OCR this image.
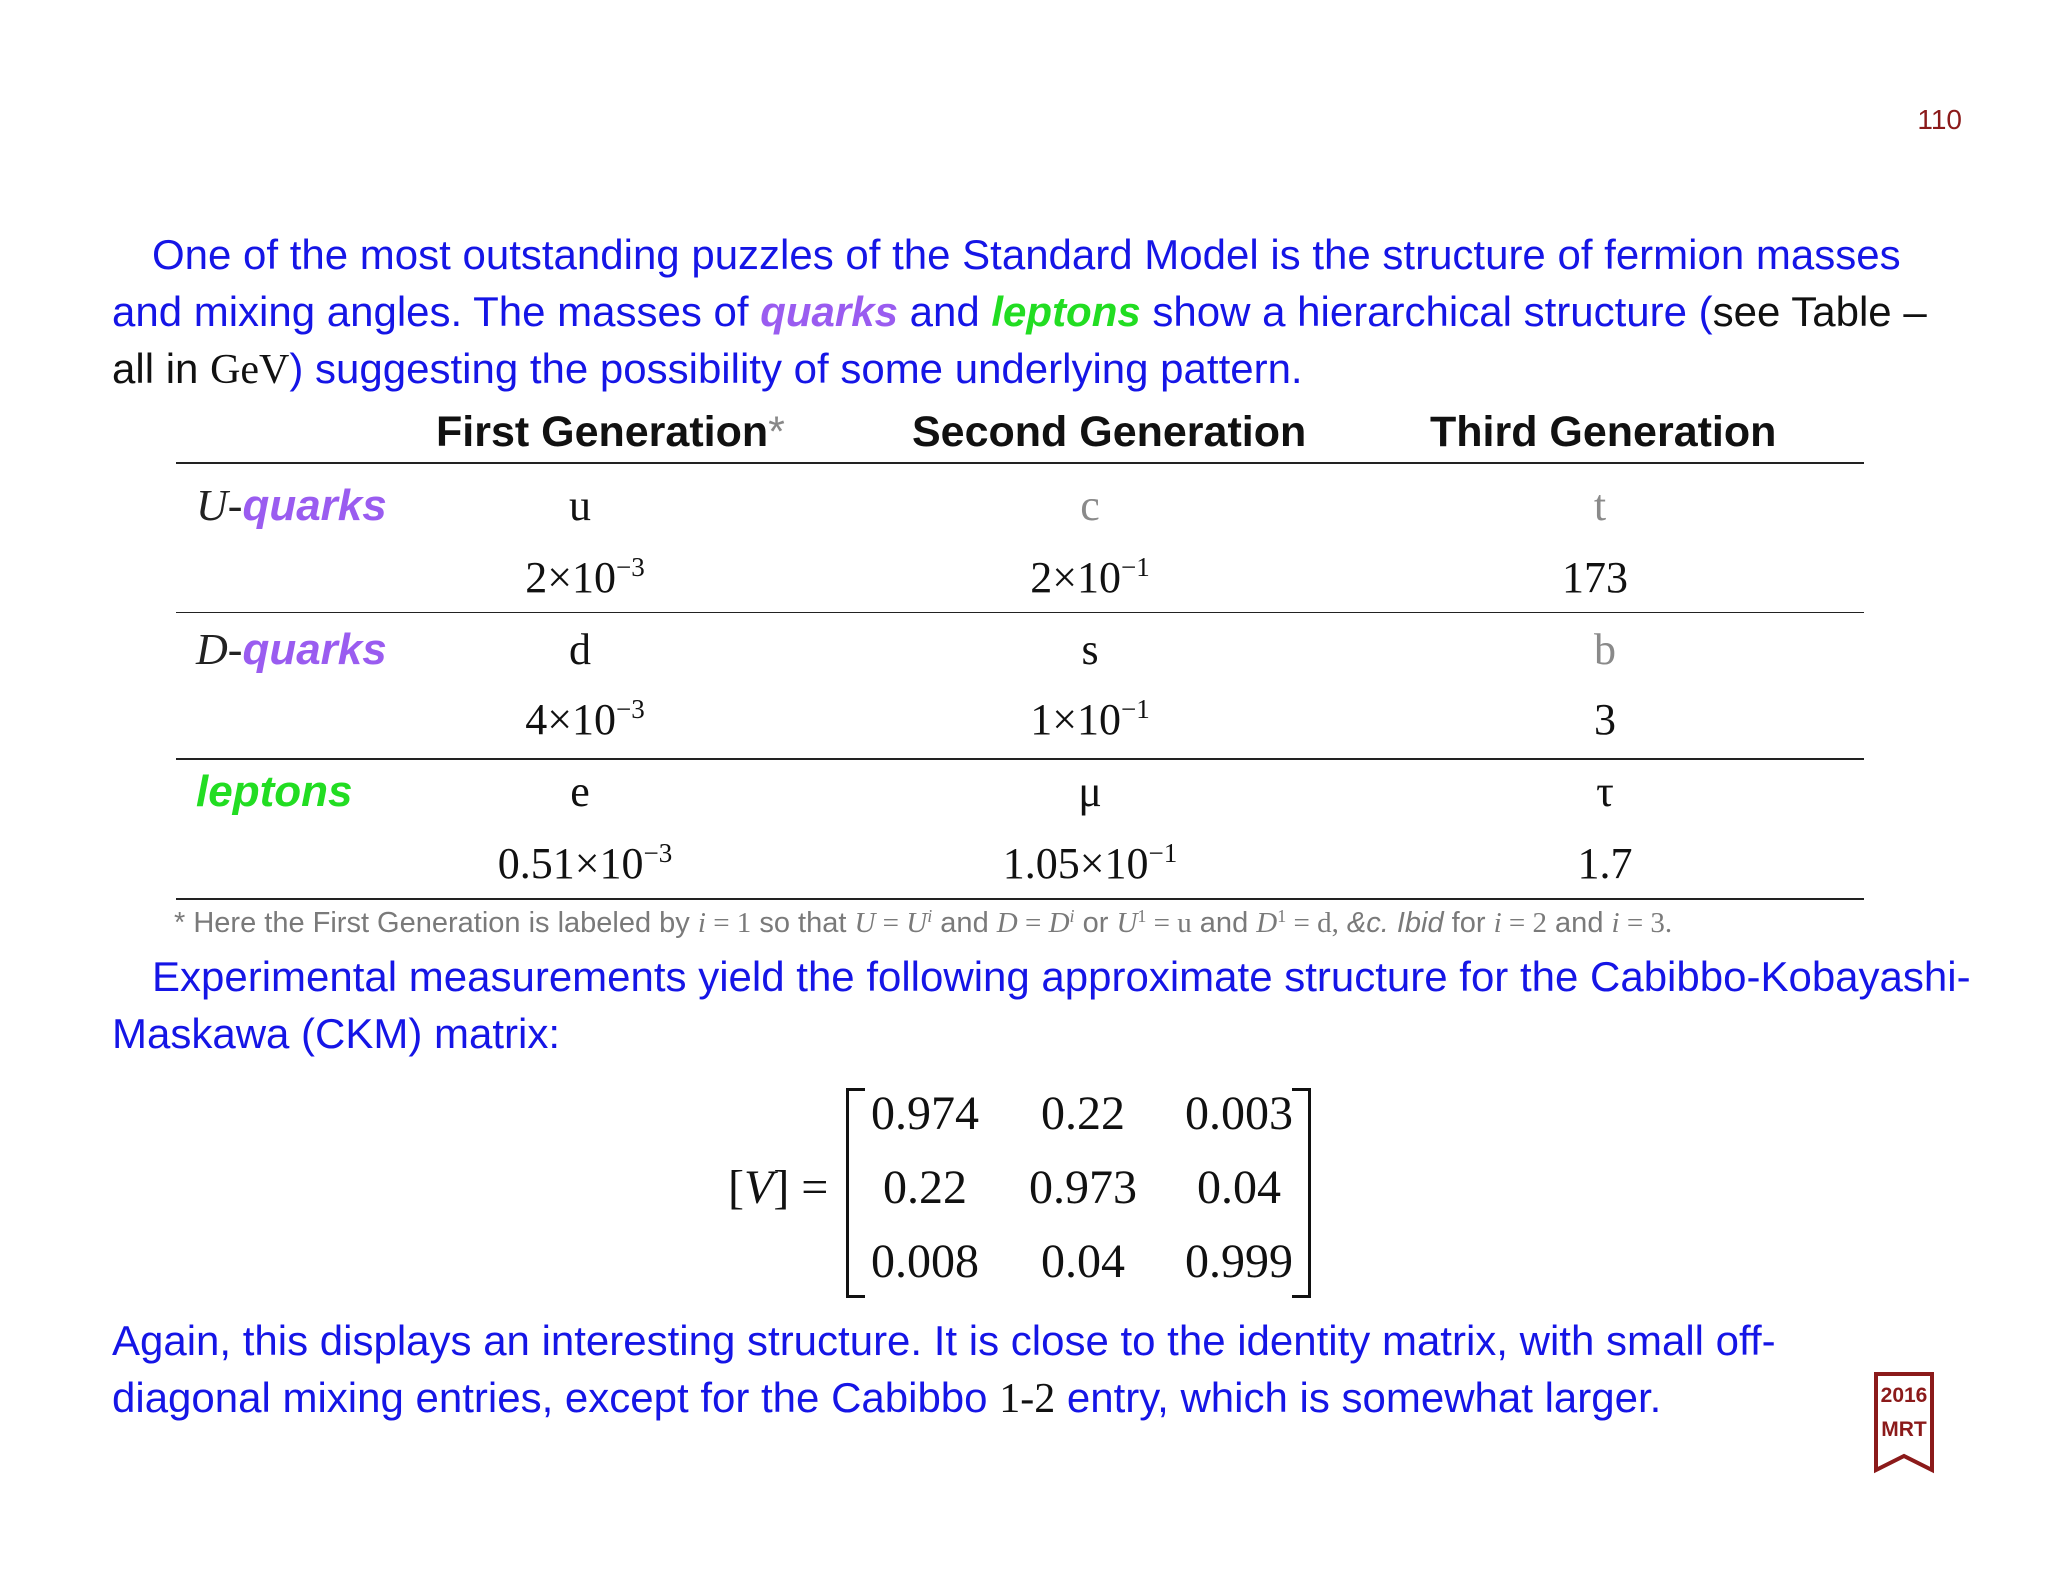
110
One of the most outstanding puzzles of the Standard Model is the structure of fermion masses and mixing angles. The masses of quarks and leptons show a hierarchical structure (see Table – all in GeV) suggesting the possibility of some underlying pattern.
First Generation*	Second Generation	Third Generation
U-quarks	u	c	t
$2\times 10^{-3}$	$2\times 10^{-1}$	173
D-quarks	d	s	b
$4\times 10^{-3}$	$1\times 10^{-1}$	3
leptons	e	μ	τ
$0.51\times 10^{-3}$	$1.05\times 10^{-1}$	1.7
* Here the First Generation is labeled by i = 1 so that $U = U^i$ and $D = D^i$ or $U^1 = u$ and $D^1 = d$, &c. Ibid for i = 2 and i = 3.
Experimental measurements yield the following approximate structure for the Cabibbo-Kobayashi-Maskawa (CKM) matrix:
[V] =
0.974	0.22	0.003
0.22	0.973	0.04
0.008	0.04	0.999
Again, this displays an interesting structure. It is close to the identity matrix, with small off-diagonal mixing entries, except for the Cabibbo 1-2 entry, which is somewhat larger.	2016
MRT
